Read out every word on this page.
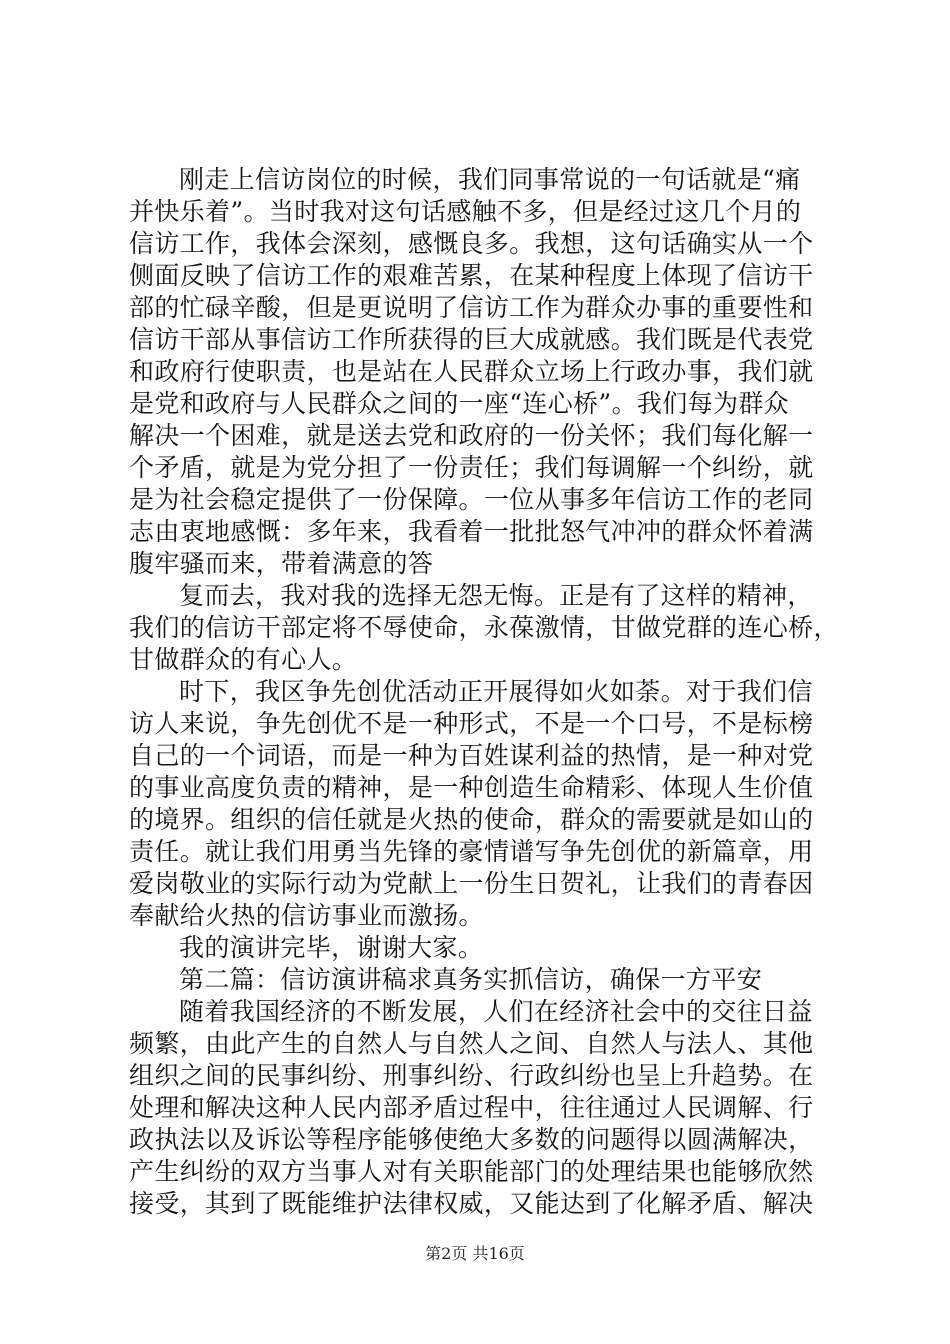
刚走上信访岗位的时候，我们同事常说的一句话就是“痛
并快乐着”。当时我对这句话感触不多，但是经过这几个月的
信访工作，我体会深刻，感慨良多。我想，这句话确实从一个
侧面反映了信访工作的艰难苦累，在某种程度上体现了信访干
部的忙碌辛酸，但是更说明了信访工作为群众办事的重要性和
信访干部从事信访工作所获得的巨大成就感。我们既是代表党
和政府行使职责，也是站在人民群众立场上行政办事，我们就
是党和政府与人民群众之间的一座“连心桥”。我们每为群众
解决一个困难，就是送去党和政府的一份关怀；我们每化解一
个矛盾，就是为党分担了一份责任；我们每调解一个纠纷，就
是为社会稳定提供了一份保障。一位从事多年信访工作的老同
志由衷地感慨：多年来，我看着一批批怒气冲冲的群众怀着满
腹牢骚而来，带着满意的答
复而去，我对我的选择无怨无悔。正是有了这样的精神，
我们的信访干部定将不辱使命，永葆激情，甘做党群的连心桥，
甘做群众的有心人。
时下，我区争先创优活动正开展得如火如荼。对于我们信
访人来说，争先创优不是一种形式，不是一个口号，不是标榜
自己的一个词语，而是一种为百姓谋利益的热情，是一种对党
的事业高度负责的精神，是一种创造生命精彩、体现人生价值
的境界。组织的信任就是火热的使命，群众的需要就是如山的
责任。就让我们用勇当先锋的豪情谱写争先创优的新篇章，用
爱岗敬业的实际行动为党献上一份生日贺礼，让我们的青春因
奉献给火热的信访事业而激扬。
我的演讲完毕，谢谢大家。
第二篇：信访演讲稿求真务实抓信访，确保一方平安
随着我国经济的不断发展，人们在经济社会中的交往日益
频繁，由此产生的自然人与自然人之间、自然人与法人、其他
组织之间的民事纠纷、刑事纠纷、行政纠纷也呈上升趋势。在
处理和解决这种人民内部矛盾过程中，往往通过人民调解、行
政执法以及诉讼等程序能够使绝大多数的问题得以圆满解决，
产生纠纷的双方当事人对有关职能部门的处理结果也能够欣然
接受，其到了既能维护法律权威，又能达到了化解矛盾、解决
第2页 共16页
